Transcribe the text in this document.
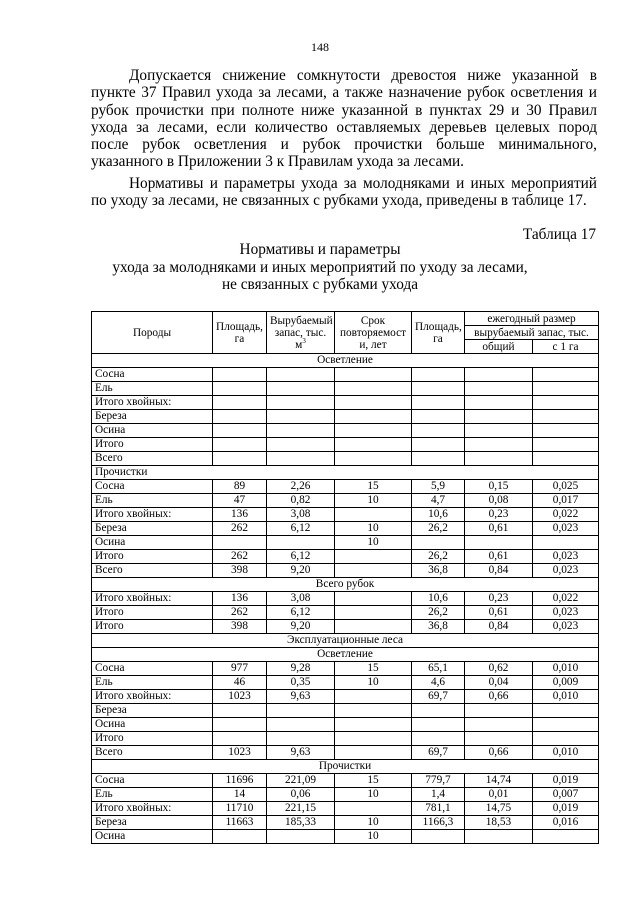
148

Допускается снижение сомкнутости древостоя ниже указанной в пункте 37 Правил ухода за лесами, а также назначение рубок осветления и рубок прочистки при полноте ниже указанной в пунктах 29 и 30 Правил ухода за лесами, если количество оставляемых деревьев целевых пород после рубок осветления и рубок прочистки больше минимального, указанного в Приложении 3 к Правилам ухода за лесами.

Нормативы и параметры ухода за молодняками и иных мероприятий по уходу за лесами, не связанных с рубками ухода, приведены в таблице 17.

Таблица 17
Нормативы и параметры
ухода за молодняками и иных мероприятий по уходу за лесами,
не связанных с рубками ухода
Породы	Площадь, га	Вырубаемый запас, тыс. $м^3$	Срок повторяемост и, лет	Площадь, га	ежегодный размер	
					вырубаемый запас, тыс.	
					общий	с 1 га
Осветление						
Сосна						
Ель						
Итого хвойных:						
Береза						
Осина						
Итого						
Всего						
Прочистки						
Сосна	89	2,26	15	5,9	0,15	0,025
Ель	47	0,82	10	4,7	0,08	0,017
Итого хвойных:	136	3,08		10,6	0,23	0,022
Береза	262	6,12	10	26,2	0,61	0,023
Осина			10			
Итого	262	6,12		26,2	0,61	0,023
Всего	398	9,20		36,8	0,84	0,023
Всего рубок						
Итого хвойных:	136	3,08		10,6	0,23	0,022
Итого	262	6,12		26,2	0,61	0,023
Итого	398	9,20		36,8	0,84	0,023
Эксплуатационные леса						
Осветление						
Сосна	977	9,28	15	65,1	0,62	0,010
Ель	46	0,35	10	4,6	0,04	0,009
Итого хвойных:	1023	9,63		69,7	0,66	0,010
Береза						
Осина						
Итого						
Всего	1023	9,63		69,7	0,66	0,010
Прочистки						
Сосна	11696	221,09	15	779,7	14,74	0,019
Ель	14	0,06	10	1,4	0,01	0,007
Итого хвойных:	11710	221,15		781,1	14,75	0,019
Береза	11663	185,33	10	1166,3	18,53	0,016
Осина			10			
